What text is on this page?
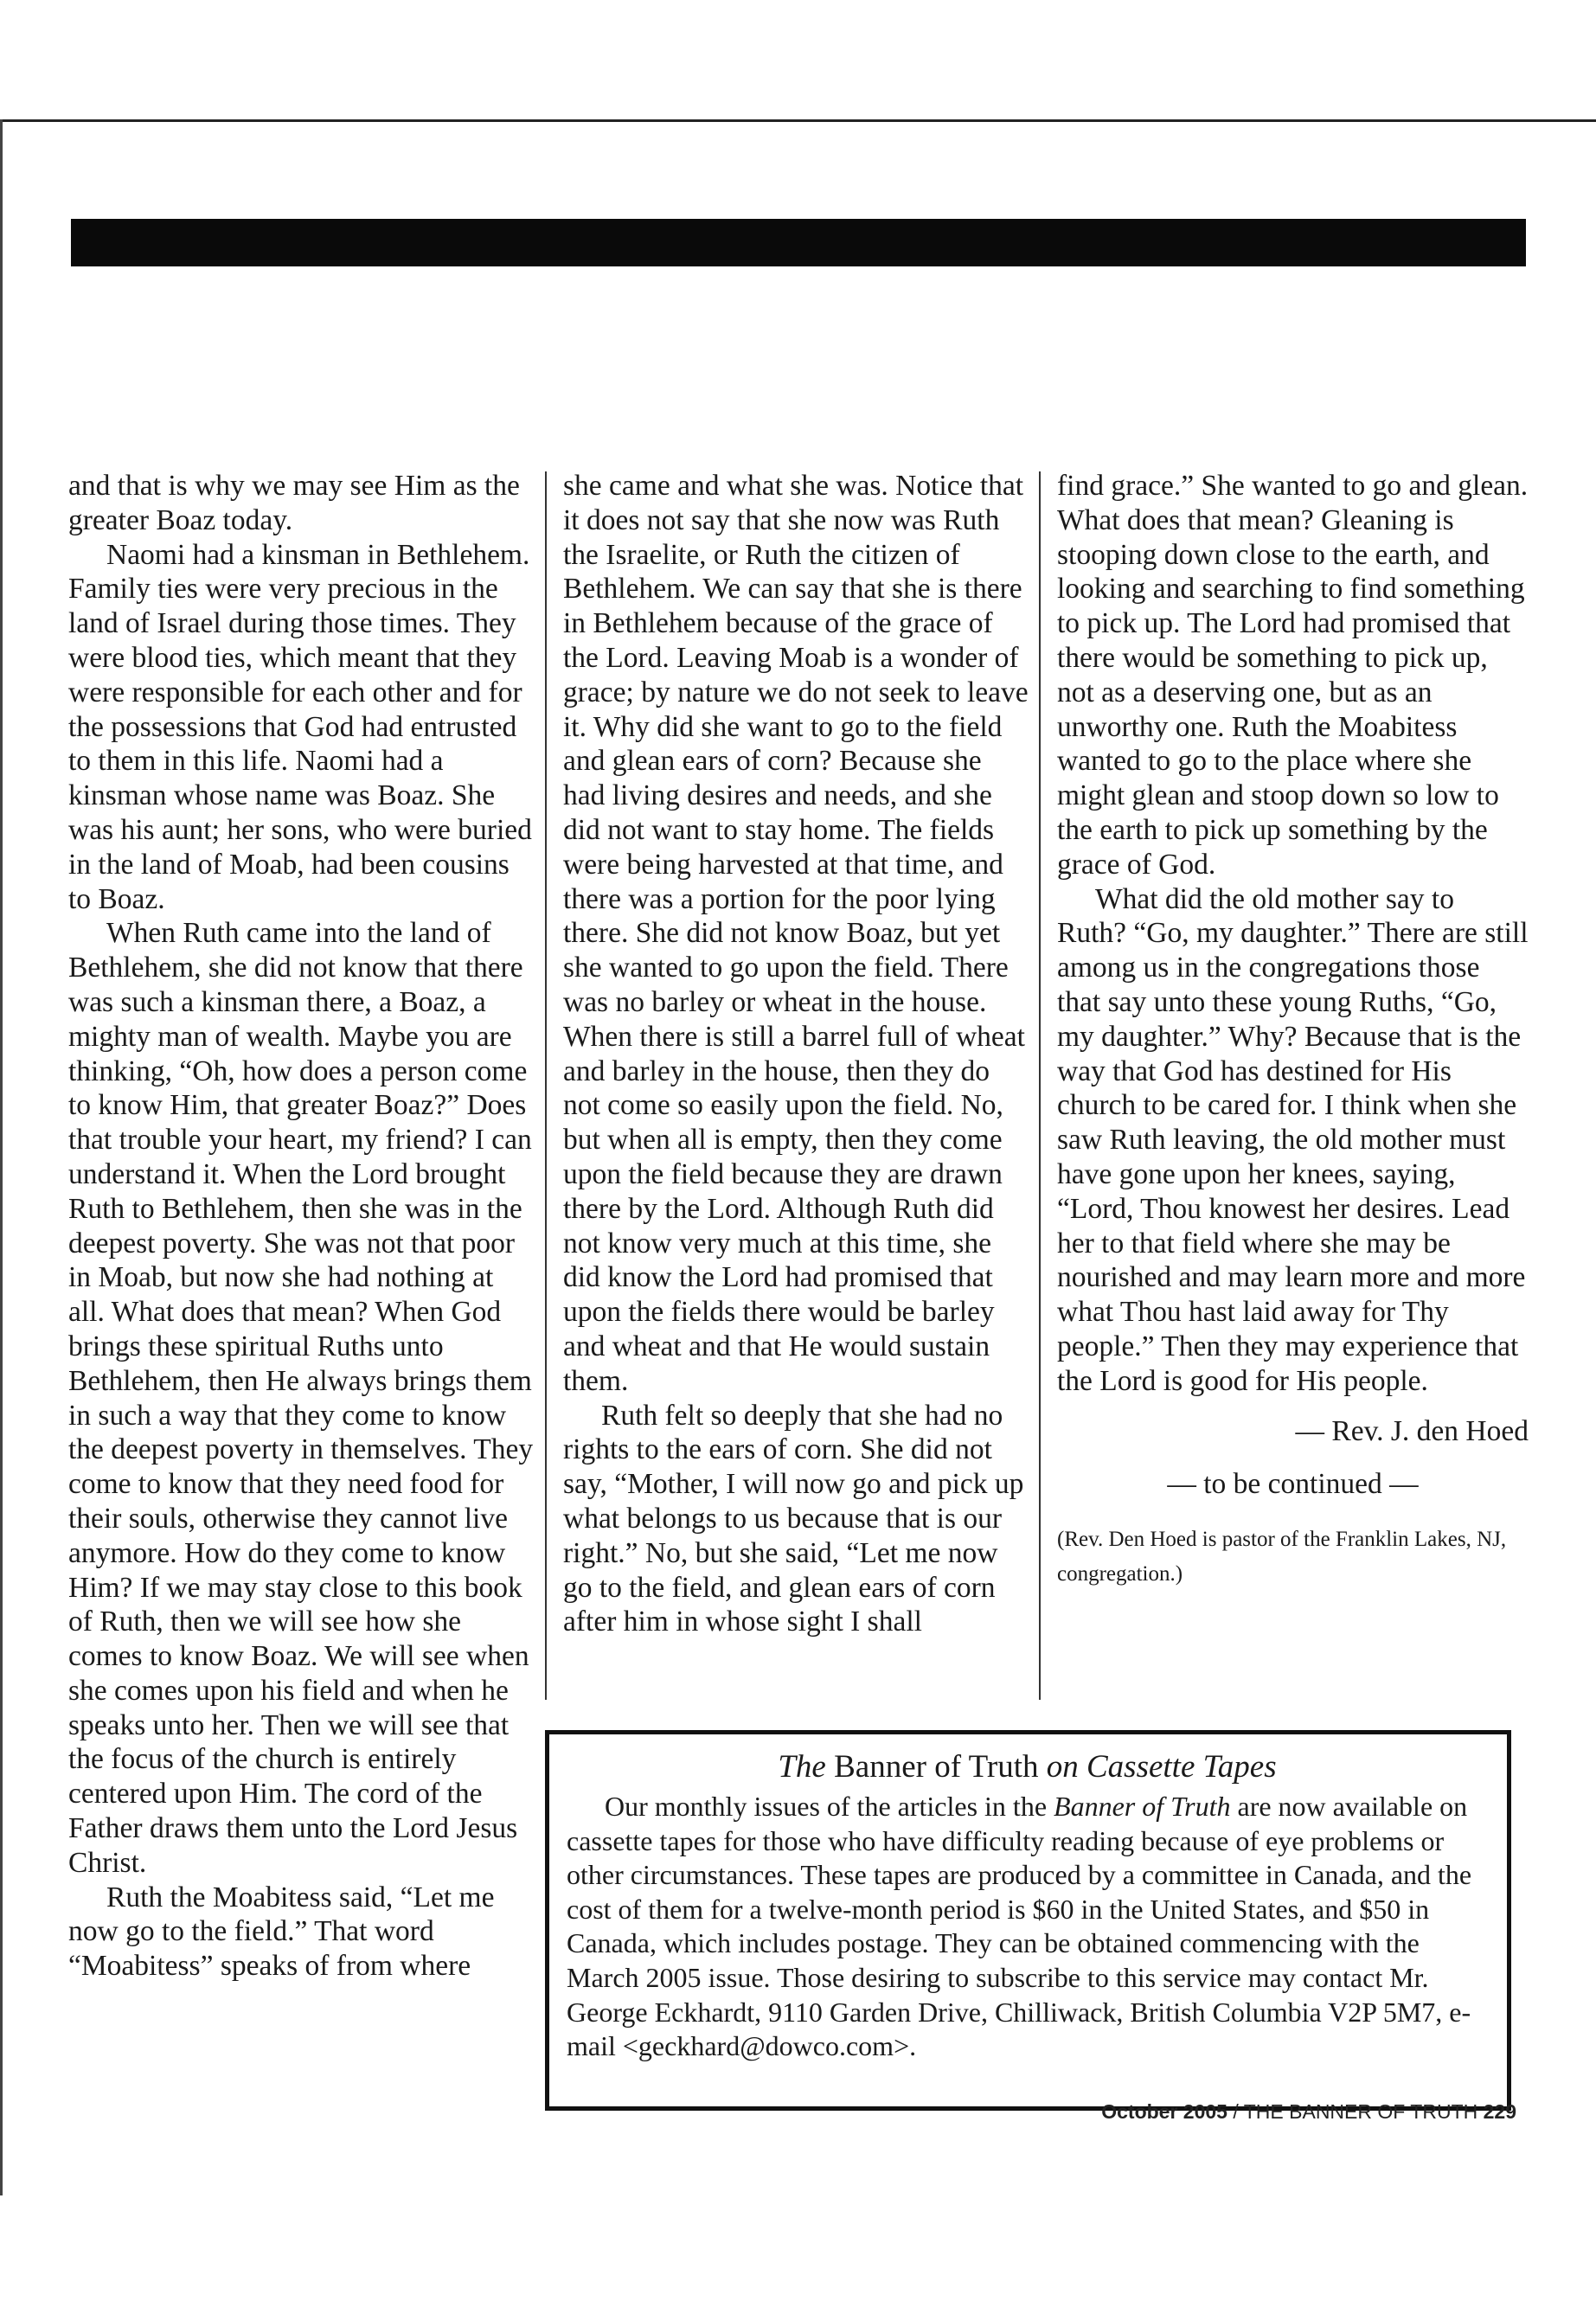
and that is why we may see Him as the greater Boaz today.

Naomi had a kinsman in Bethlehem. Family ties were very precious in the land of Israel during those times. They were blood ties, which meant that they were responsible for each other and for the possessions that God had entrusted to them in this life. Naomi had a kinsman whose name was Boaz. She was his aunt; her sons, who were buried in the land of Moab, had been cousins to Boaz.

When Ruth came into the land of Bethlehem, she did not know that there was such a kinsman there, a Boaz, a mighty man of wealth. Maybe you are thinking, “Oh, how does a person come to know Him, that greater Boaz?” Does that trouble your heart, my friend? I can understand it. When the Lord brought Ruth to Bethlehem, then she was in the deepest poverty. She was not that poor in Moab, but now she had nothing at all. What does that mean? When God brings these spiritual Ruths unto Bethlehem, then He always brings them in such a way that they come to know the deepest poverty in themselves. They come to know that they need food for their souls, otherwise they cannot live anymore. How do they come to know Him? If we may stay close to this book of Ruth, then we will see how she comes to know Boaz. We will see when she comes upon his field and when he speaks unto her. Then we will see that the focus of the church is entirely centered upon Him. The cord of the Father draws them unto the Lord Jesus Christ.

Ruth the Moabitess said, “Let me now go to the field.” That word “Moabitess” speaks of from where

she came and what she was. Notice that it does not say that she now was Ruth the Israelite, or Ruth the citizen of Bethlehem. We can say that she is there in Bethlehem because of the grace of the Lord. Leaving Moab is a wonder of grace; by nature we do not seek to leave it. Why did she want to go to the field and glean ears of corn? Because she had living desires and needs, and she did not want to stay home. The fields were being harvested at that time, and there was a portion for the poor lying there. She did not know Boaz, but yet she wanted to go upon the field. There was no barley or wheat in the house. When there is still a barrel full of wheat and barley in the house, then they do not come so easily upon the field. No, but when all is empty, then they come upon the field because they are drawn there by the Lord. Although Ruth did not know very much at this time, she did know the Lord had promised that upon the fields there would be barley and wheat and that He would sustain them.

Ruth felt so deeply that she had no rights to the ears of corn. She did not say, “Mother, I will now go and pick up what belongs to us because that is our right.” No, but she said, “Let me now go to the field, and glean ears of corn after him in whose sight I shall

find grace.” She wanted to go and glean. What does that mean? Gleaning is stooping down close to the earth, and looking and searching to find something to pick up. The Lord had promised that there would be something to pick up, not as a deserving one, but as an unworthy one. Ruth the Moabitess wanted to go to the place where she might glean and stoop down so low to the earth to pick up something by the grace of God.

What did the old mother say to Ruth? “Go, my daughter.” There are still among us in the congregations those that say unto these young Ruths, “Go, my daughter.” Why? Because that is the way that God has destined for His church to be cared for. I think when she saw Ruth leaving, the old mother must have gone upon her knees, saying, “Lord, Thou knowest her desires. Lead her to that field where she may be nourished and may learn more and more what Thou hast laid away for Thy people.” Then they may experience that the Lord is good for His people.

— Rev. J. den Hoed

— to be continued —

(Rev. Den Hoed is pastor of the Franklin Lakes, NJ, congregation.)

The Banner of Truth on Cassette Tapes

Our monthly issues of the articles in the Banner of Truth are now available on cassette tapes for those who have difficulty reading because of eye problems or other circumstances. These tapes are produced by a committee in Canada, and the cost of them for a twelve-month period is $60 in the United States, and $50 in Canada, which includes postage. They can be obtained commencing with the March 2005 issue. Those desiring to subscribe to this service may contact Mr. George Eckhardt, 9110 Garden Drive, Chilliwack, British Columbia V2P 5M7, e-mail <geckhard@dowco.com>.

October 2005 / THE BANNER OF TRUTH 229
